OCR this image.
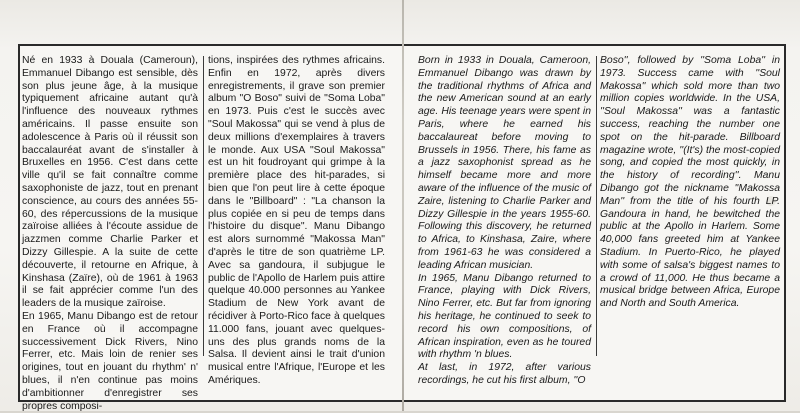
Né en 1933 à Douala (Cameroun), Emmanuel Dibango est sensible, dès son plus jeune âge, à la musique typiquement africaine autant qu'à l'influence des nouveaux rythmes américains. Il passe ensuite son adolescence à Paris où il réussit son baccalauréat avant de s'installer à Bruxelles en 1956. C'est dans cette ville qu'il se fait connaître comme saxophoniste de jazz, tout en prenant conscience, au cours des années 55-60, des répercussions de la musique zaïroise alliées à l'écoute assidue de jazzmen comme Charlie Parker et Dizzy Gillespie. A la suite de cette découverte, il retourne en Afrique, à Kinshasa (Zaïre), où de 1961 à 1963 il se fait apprécier comme l'un des leaders de la musique zaïroise.

En 1965, Manu Dibango est de retour en France où il accompagne successivement Dick Rivers, Nino Ferrer, etc. Mais loin de renier ses origines, tout en jouant du rhythm' n' blues, il n'en continue pas moins d'ambitionner d'enregistrer ses propres composi-

tions, inspirées des rythmes africains. Enfin en 1972, après divers enregistrements, il grave son premier album "O Boso" suivi de "Soma Loba" en 1973. Puis c'est le succès avec "Soul Makossa" qui se vend à plus de deux millions d'exemplaires à travers le monde. Aux USA "Soul Makossa" est un hit foudroyant qui grimpe à la première place des hit-parades, si bien que l'on peut lire à cette époque dans le "Billboard" : "La chanson la plus copiée en si peu de temps dans l'histoire du disque". Manu Dibango est alors surnommé "Makossa Man" d'après le titre de son quatrième LP. Avec sa gandoura, il subjugue le public de l'Apollo de Harlem puis attire quelque 40.000 personnes au Yankee Stadium de New York avant de récidiver à Porto-Rico face à quelques 11.000 fans, jouant avec quelques-uns des plus grands noms de la Salsa. Il devient ainsi le trait d'union musical entre l'Afrique, l'Europe et les Amériques.

Born in 1933 in Douala, Cameroon, Emmanuel Dibango was drawn by the traditional rhythms of Africa and the new American sound at an early age. His teenage years were spent in Paris, where he earned his baccalaureat before moving to Brussels in 1956. There, his fame as a jazz saxophonist spread as he himself became more and more aware of the influence of the music of Zaire, listening to Charlie Parker and Dizzy Gillespie in the years 1955-60. Following this discovery, he returned to Africa, to Kinshasa, Zaire, where from 1961-63 he was considered a leading African musician.

In 1965, Manu Dibango returned to France, playing with Dick Rivers, Nino Ferrer, etc. But far from ignoring his heritage, he continued to seek to record his own compositions, of African inspiration, even as he toured with rhythm 'n blues.

At last, in 1972, after various recordings, he cut his first album, ''O

Boso'', followed by ''Soma Loba'' in 1973. Success came with ''Soul Makossa'' which sold more than two million copies worldwide. In the USA, ''Soul Makossa'' was a fantastic success, reaching the number one spot on the hit-parade. Billboard magazine wrote, ''(It's) the most-copied song, and copied the most quickly, in the history of recording''. Manu Dibango got the nickname ''Makossa Man'' from the title of his fourth LP. Gandoura in hand, he bewitched the public at the Apollo in Harlem. Some 40,000 fans greeted him at Yankee Stadium. In Puerto-Rico, he played with some of salsa's biggest names to a crowd of 11,000. He thus became a musical bridge between Africa, Europe and North and South America.
